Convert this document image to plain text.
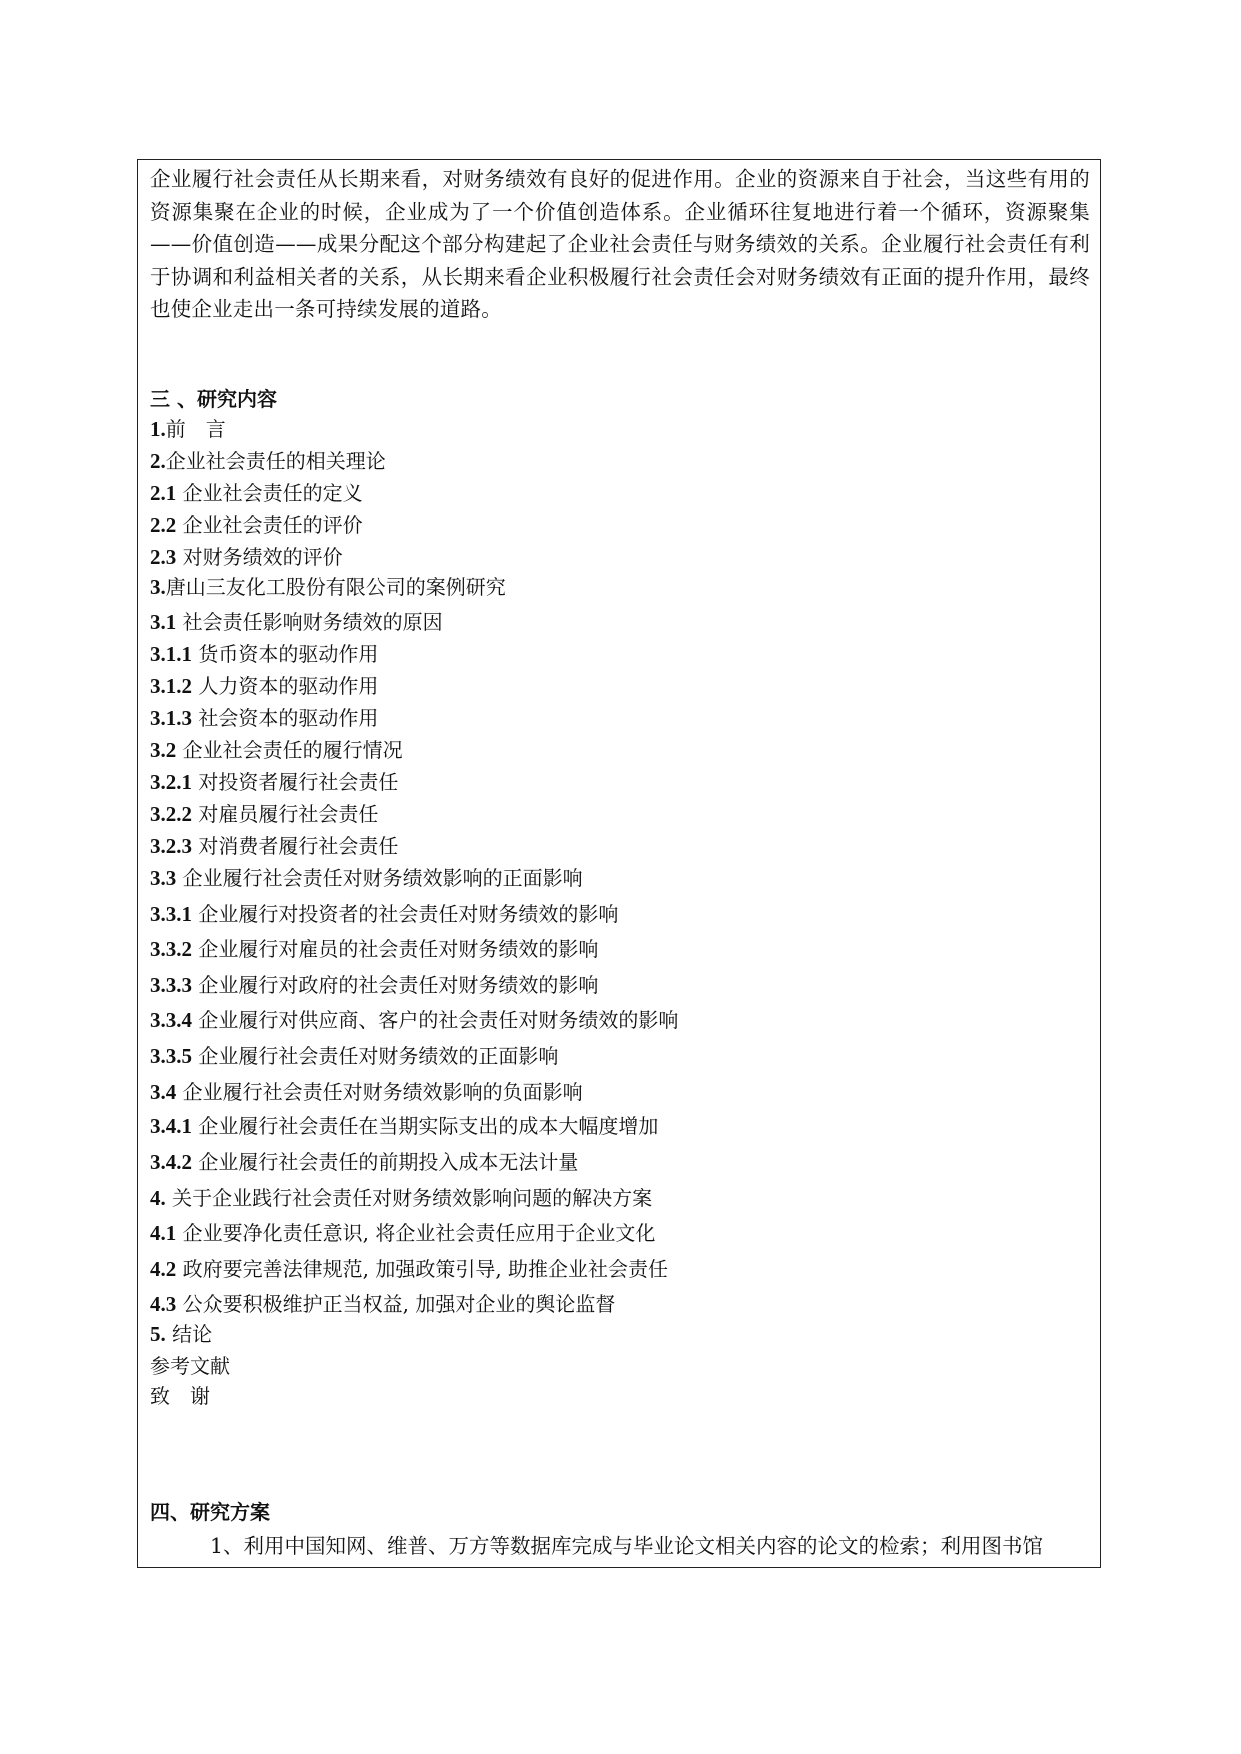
企业履行社会责任从长期来看，对财务绩效有良好的促进作用。企业的资源来自于社会，当这些有用的资源集聚在企业的时候，企业成为了一个价值创造体系。企业循环往复地进行着一个循环，资源聚集——价值创造——成果分配这个部分构建起了企业社会责任与财务绩效的关系。企业履行社会责任有利于协调和利益相关者的关系，从长期来看企业积极履行社会责任会对财务绩效有正面的提升作用，最终也使企业走出一条可持续发展的道路。
三 、研究内容
1.前　言
2.企业社会责任的相关理论
2.1 企业社会责任的定义
2.2 企业社会责任的评价
2.3 对财务绩效的评价
3.唐山三友化工股份有限公司的案例研究
3.1 社会责任影响财务绩效的原因
3.1.1 货币资本的驱动作用
3.1.2 人力资本的驱动作用
3.1.3 社会资本的驱动作用
3.2 企业社会责任的履行情况
3.2.1 对投资者履行社会责任
3.2.2 对雇员履行社会责任
3.2.3 对消费者履行社会责任
3.3 企业履行社会责任对财务绩效影响的正面影响
3.3.1 企业履行对投资者的社会责任对财务绩效的影响
3.3.2 企业履行对雇员的社会责任对财务绩效的影响
3.3.3 企业履行对政府的社会责任对财务绩效的影响
3.3.4 企业履行对供应商、客户的社会责任对财务绩效的影响
3.3.5 企业履行社会责任对财务绩效的正面影响
3.4 企业履行社会责任对财务绩效影响的负面影响
3.4.1 企业履行社会责任在当期实际支出的成本大幅度增加
3.4.2 企业履行社会责任的前期投入成本无法计量
4. 关于企业践行社会责任对财务绩效影响问题的解决方案
4.1 企业要净化责任意识, 将企业社会责任应用于企业文化
4.2 政府要完善法律规范, 加强政策引导, 助推企业社会责任
4.3 公众要积极维护正当权益, 加强对企业的舆论监督
5. 结论
参考文献
致　谢
四、研究方案
1、利用中国知网、维普、万方等数据库完成与毕业论文相关内容的论文的检索；利用图书馆
